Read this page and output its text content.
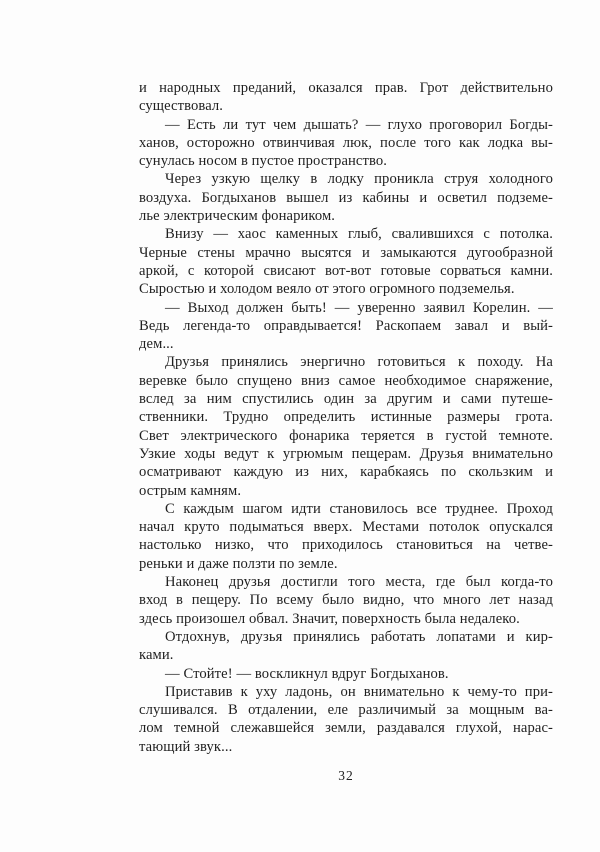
и народных преданий, оказался прав. Грот действительно
существовал.
— Есть ли тут чем дышать? — глухо проговорил Богды-
ханов, осторожно отвинчивая люк, после того как лодка вы-
сунулась носом в пустое пространство.
Через узкую щелку в лодку проникла струя холодного
воздуха. Богдыханов вышел из кабины и осветил подземе-
лье электрическим фонариком.
Внизу — хаос каменных глыб, свалившихся с потолка.
Черные стены мрачно высятся и замыкаются дугообразной
аркой, с которой свисают вот-вот готовые сорваться камни.
Сыростью и холодом веяло от этого огромного подземелья.
— Выход должен быть! — уверенно заявил Корелин. —
Ведь легенда-то оправдывается! Раскопаем завал и вый-
дем...
Друзья принялись энергично готовиться к походу. На
веревке было спущено вниз самое необходимое снаряжение,
вслед за ним спустились один за другим и сами путеше-
ственники. Трудно определить истинные размеры грота.
Свет электрического фонарика теряется в густой темноте.
Узкие ходы ведут к угрюмым пещерам. Друзья внимательно
осматривают каждую из них, карабкаясь по скользким и
острым камням.
С каждым шагом идти становилось все труднее. Проход
начал круто подыматься вверх. Местами потолок опускался
настолько низко, что приходилось становиться на четве-
реньки и даже ползти по земле.
Наконец друзья достигли того места, где был когда-то
вход в пещеру. По всему было видно, что много лет назад
здесь произошел обвал. Значит, поверхность была недалеко.
Отдохнув, друзья принялись работать лопатами и кир-
ками.
— Стойте! — воскликнул вдруг Богдыханов.
Приставив к уху ладонь, он внимательно к чему-то при-
слушивался. В отдалении, еле различимый за мощным ва-
лом темной слежавшейся земли, раздавался глухой, нарас-
тающий звук...
32
